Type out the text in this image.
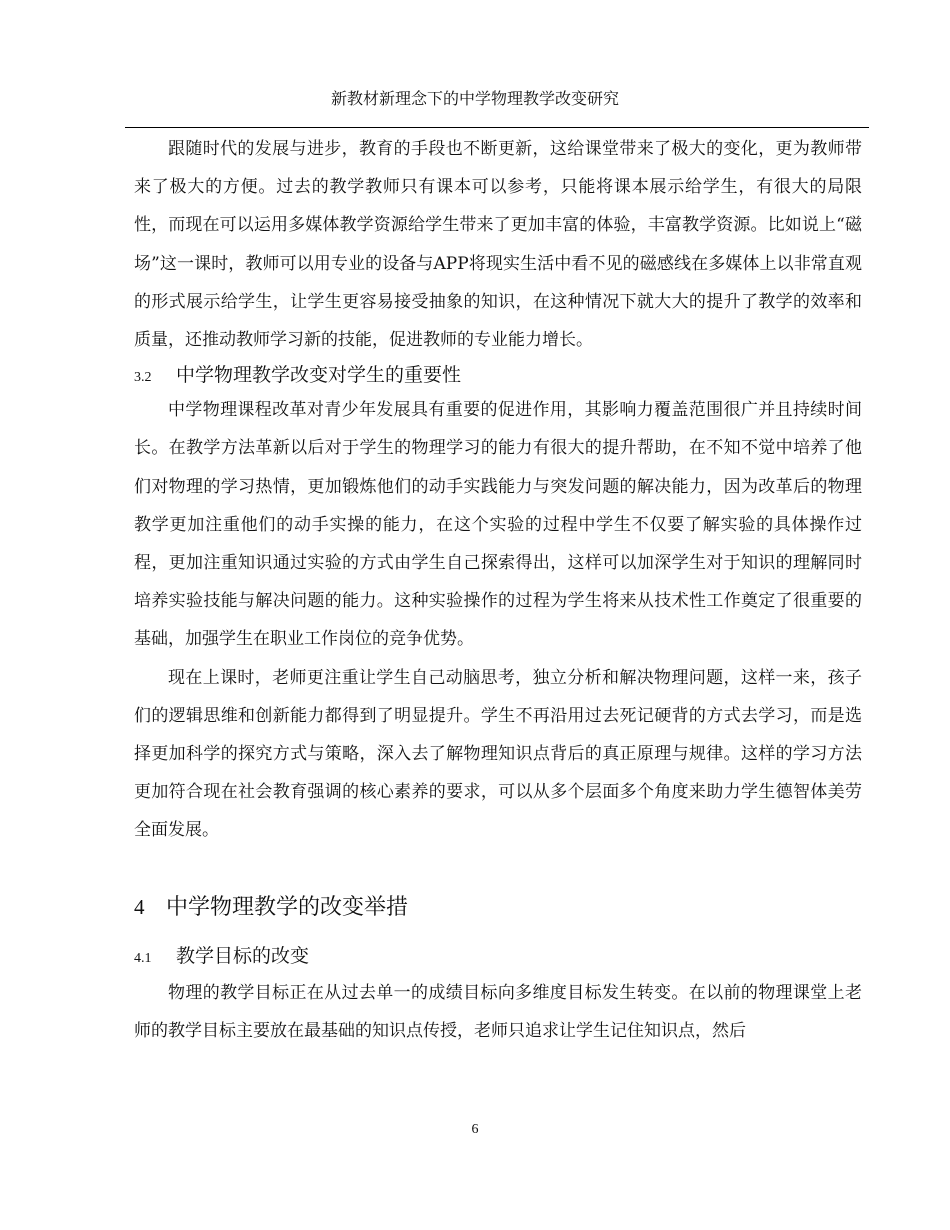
新教材新理念下的中学物理教学改变研究

跟随时代的发展与进步，教育的手段也不断更新，这给课堂带来了极大的变化，更为教师带来了极大的方便。过去的教学教师只有课本可以参考，只能将课本展示给学生，有很大的局限性，而现在可以运用多媒体教学资源给学生带来了更加丰富的体验，丰富教学资源。比如说上“磁场”这一课时，教师可以用专业的设备与APP将现实生活中看不见的磁感线在多媒体上以非常直观的形式展示给学生，让学生更容易接受抽象的知识，在这种情况下就大大的提升了教学的效率和质量，还推动教师学习新的技能，促进教师的专业能力增长。

3.2	中学物理教学改变对学生的重要性

中学物理课程改革对青少年发展具有重要的促进作用，其影响力覆盖范围很广并且持续时间长。在教学方法革新以后对于学生的物理学习的能力有很大的提升帮助，在不知不觉中培养了他们对物理的学习热情，更加锻炼他们的动手实践能力与突发问题的解决能力，因为改革后的物理教学更加注重他们的动手实操的能力，在这个实验的过程中学生不仅要了解实验的具体操作过程，更加注重知识通过实验的方式由学生自己探索得出，这样可以加深学生对于知识的理解同时培养实验技能与解决问题的能力。这种实验操作的过程为学生将来从技术性工作奠定了很重要的基础，加强学生在职业工作岗位的竞争优势。

现在上课时，老师更注重让学生自己动脑思考，独立分析和解决物理问题，这样一来，孩子们的逻辑思维和创新能力都得到了明显提升。学生不再沿用过去死记硬背的方式去学习，而是选择更加科学的探究方式与策略，深入去了解物理知识点背后的真正原理与规律。这样的学习方法更加符合现在社会教育强调的核心素养的要求，可以从多个层面多个角度来助力学生德智体美劳全面发展。

4 中学物理教学的改变举措
4.1	教学目标的改变

物理的教学目标正在从过去单一的成绩目标向多维度目标发生转变。在以前的物理课堂上老师的教学目标主要放在最基础的知识点传授，老师只追求让学生记住知识点，然后

6
